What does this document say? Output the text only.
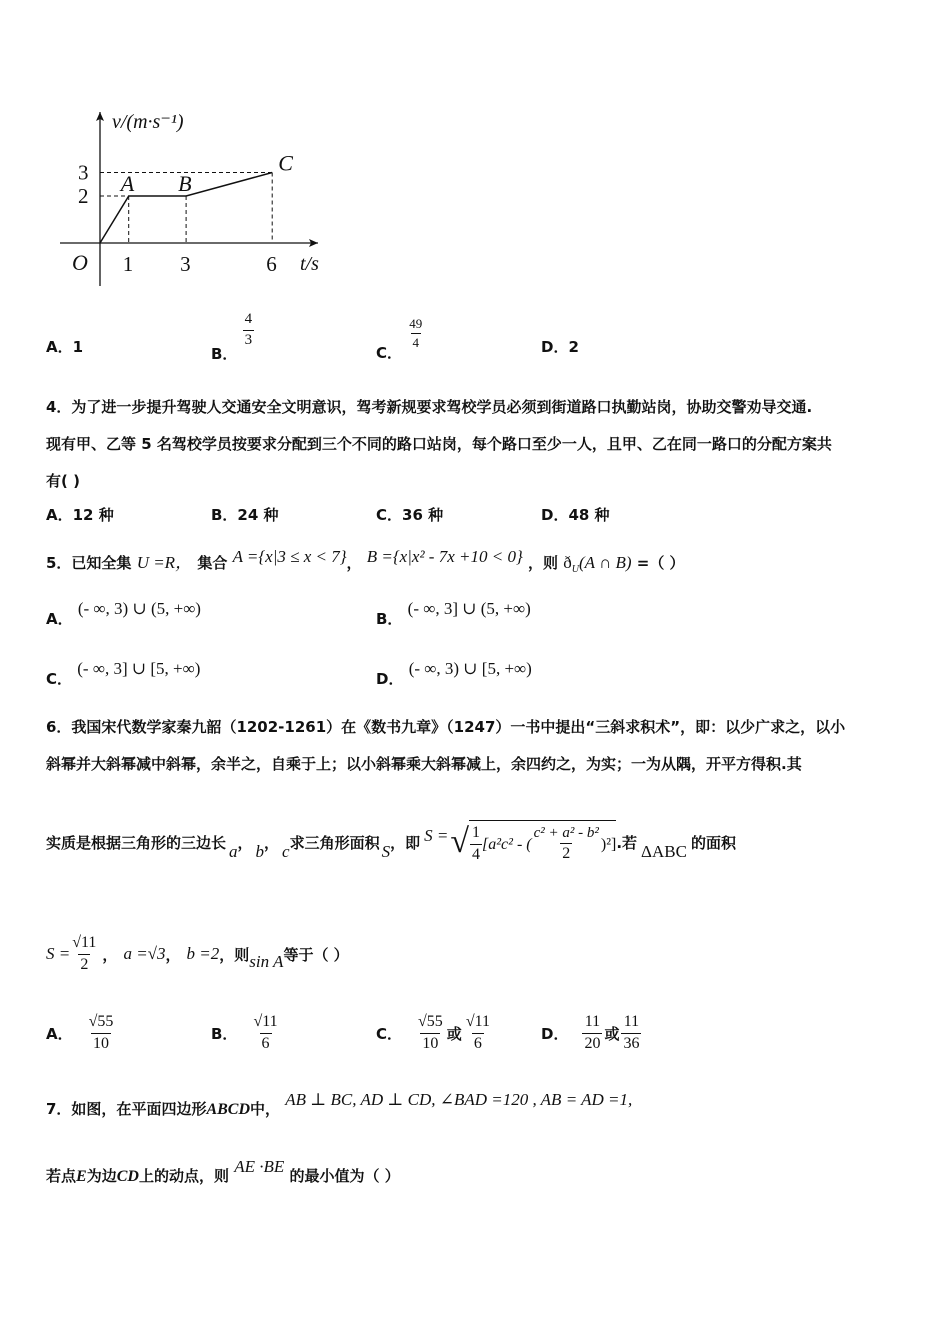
v/(m·s⁻¹)
t/s
O
2
3
1 3	6
A B
C
A．1	B．
$\frac{4}{3}$
C．
$\frac{49}{4}$	D．2
4．为了进一步提升驾驶人交通安全文明意识，驾考新规要求驾校学员必须到街道路口执勤站岗，协助交警劝导交通.
现有甲、乙等 5 名驾校学员按要求分配到三个不同的路口站岗，每个路口至少一人，且甲、乙在同一路口的分配方案共
有( )
A．12 种	B．24 种	C．36 种	D．48 种
5．已知全集 U =R， 集合 A ={x|3 ≤ x < 7}， B ={x|x² - 7x +10 < 0} ，则 $ð_U(A$ ∩ B) =（ ）
A． (- ∞, 3) ∪ (5, +∞)
B． (- ∞, 3] ∪ (5, +∞)
C． (- ∞, 3] ∪ [5, +∞)
D． (- ∞, 3) ∪ [5, +∞)
6．我国宋代数学家秦九韶（1202-1261）在《数书九章》（1247）一书中提出“三斜求积术”，即：以少广求之，以小
斜幂并大斜幂减中斜幂，余半之，自乘于上；以小斜幂乘大斜幂减上，余四约之，为实；一为从隅，开平方得积.其
实质是根据三角形的三边长 a ， b ， c 求三角形面积 S ，即 S = √ $\frac{1}{4} [a^2c^2$ - ( $\frac{\text{c² + a² - b²}}{2} )^2$] .若 ΔABC 的面积
$S = \frac{√11}{2}$ ， a =√3 ， b =2 ，则 sin A 等于（ ）
A． $\frac{√55}{10}$	B． $\frac{√11}{6}$	C． $\frac{√55}{10}$ 或 $\frac{√11}{6}$	D． $\frac{11}{20}$ 或 $\frac{11}{36}$
7．如图，在平面四边形ABCD中， AB ⊥ BC, AD ⊥ CD, ∠BAD =120 , AB = AD =1,
若点E为边CD上的动点，则 AE ·BE 的最小值为（ ）
